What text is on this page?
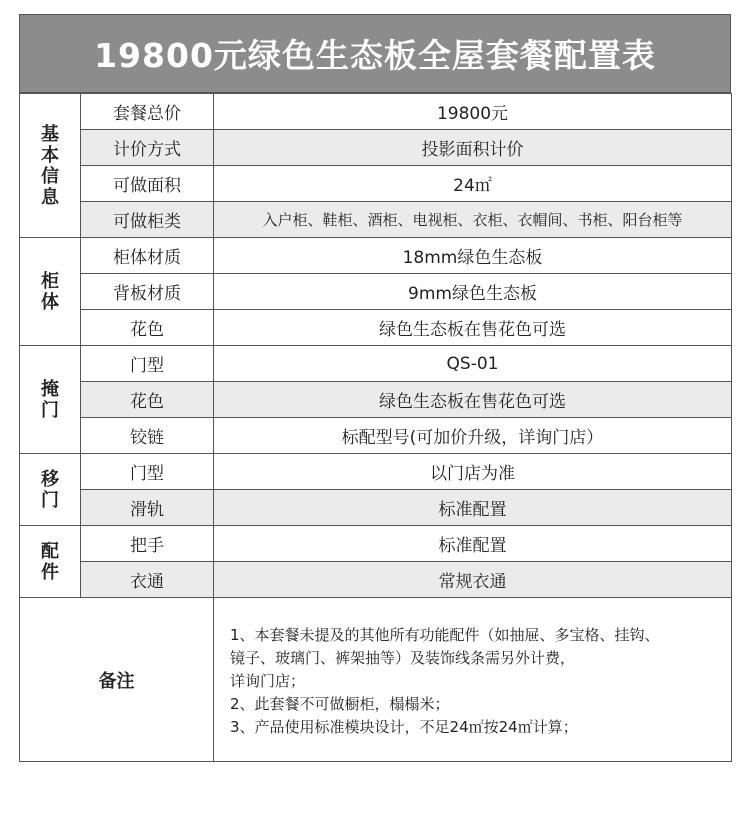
19800元绿色生态板全屋套餐配置表
基本信息	套餐总价	19800元
	计价方式	投影面积计价
	可做面积	24㎡
	可做柜类	入户柜、鞋柜、酒柜、电视柜、衣柜、衣帽间、书柜、阳台柜等
柜体	柜体材质	18mm绿色生态板
	背板材质	9mm绿色生态板
	花色	绿色生态板在售花色可选
掩门	门型	QS-01
	花色	绿色生态板在售花色可选
	铰链	标配型号(可加价升级，详询门店）
移门	门型	以门店为准
	滑轨	标准配置
配件	把手	标准配置
	衣通	常规衣通
备注		1、本套餐未提及的其他所有功能配件（如抽屉、多宝格、挂钩、
镜子、玻璃门、裤架抽等）及装饰线条需另外计费，
详询门店；
2、此套餐不可做橱柜，榻榻米；
3、产品使用标准模块设计，不足24㎡按24㎡计算；
